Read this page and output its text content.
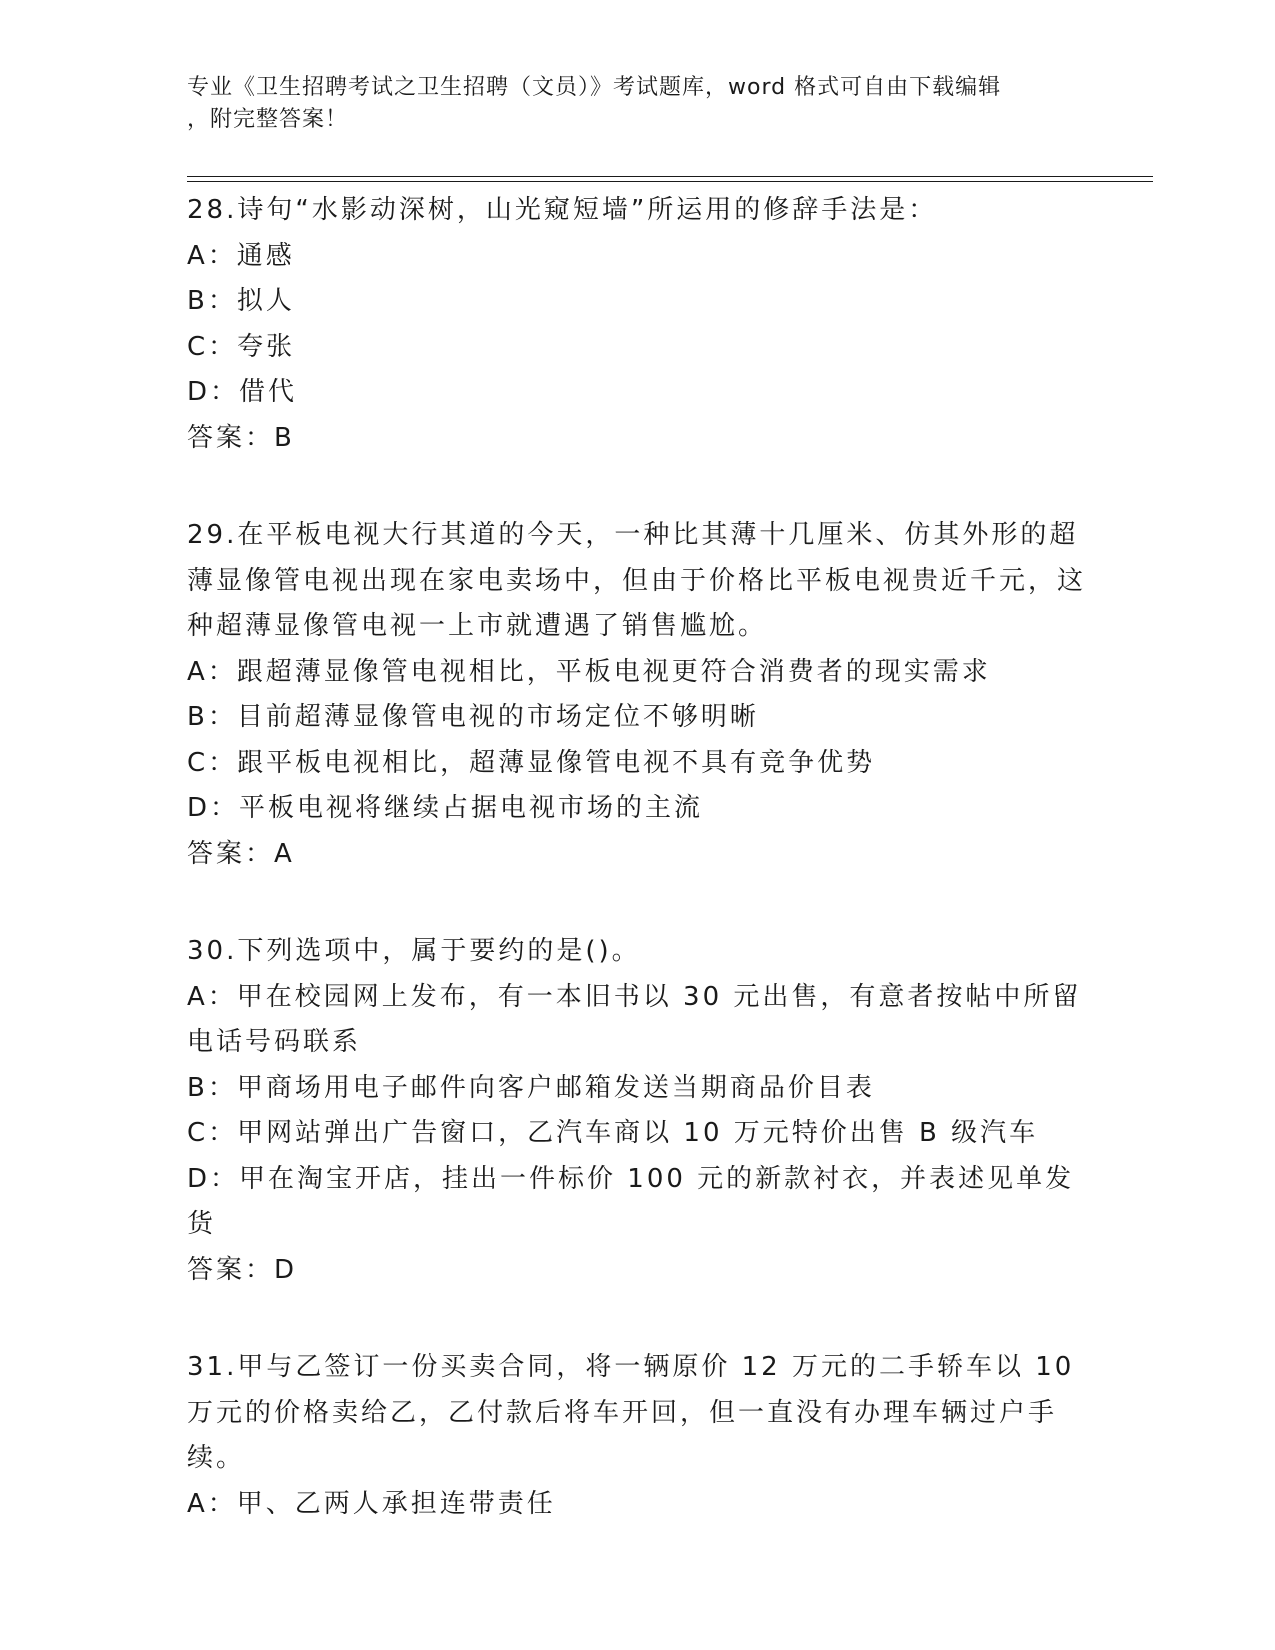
专业《卫生招聘考试之卫生招聘（文员）》考试题库，word 格式可自由下载编辑
，附完整答案！
28.诗句“水影动深树，山光窥短墙”所运用的修辞手法是：
A：通感
B：拟人
C：夸张
D：借代
答案：B
29.在平板电视大行其道的今天，一种比其薄十几厘米、仿其外形的超薄显像管电视出现在家电卖场中，但由于价格比平板电视贵近千元，这种超薄显像管电视一上市就遭遇了销售尴尬。
A：跟超薄显像管电视相比，平板电视更符合消费者的现实需求
B：目前超薄显像管电视的市场定位不够明晰
C：跟平板电视相比，超薄显像管电视不具有竞争优势
D：平板电视将继续占据电视市场的主流
答案：A
30.下列选项中，属于要约的是()。
A：甲在校园网上发布，有一本旧书以 30 元出售，有意者按帖中所留电话号码联系
B：甲商场用电子邮件向客户邮箱发送当期商品价目表
C：甲网站弹出广告窗口，乙汽车商以 10 万元特价出售 B 级汽车
D：甲在淘宝开店，挂出一件标价 100 元的新款衬衣，并表述见单发货
答案：D
31.甲与乙签订一份买卖合同，将一辆原价 12 万元的二手轿车以 10 万元的价格卖给乙，乙付款后将车开回，但一直没有办理车辆过户手续。
A：甲、乙两人承担连带责任
